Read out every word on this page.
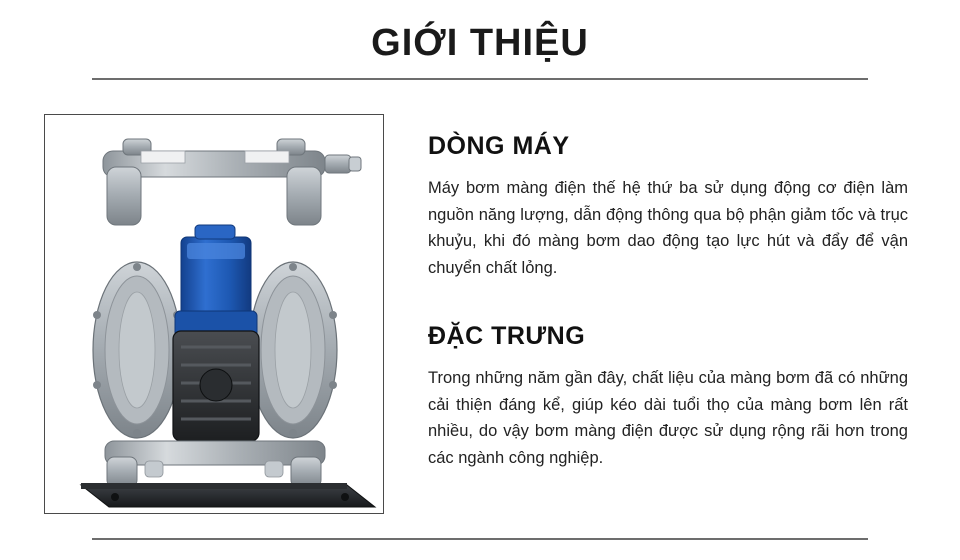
GIỚI THIỆU
DÒNG MÁY

Máy bơm màng điện thế hệ thứ ba sử dụng động cơ điện làm nguồn năng lượng, dẫn động thông qua bộ phận giảm tốc và trục khuỷu, khi đó màng bơm dao động tạo lực hút và đẩy để vận chuyển chất lỏng.

ĐẶC TRƯNG

Trong những năm gần đây, chất liệu của màng bơm đã có những cải thiện đáng kể, giúp kéo dài tuổi thọ của màng bơm lên rất nhiều, do vậy bơm màng điện được sử dụng rộng rãi hơn trong các ngành công nghiệp.
